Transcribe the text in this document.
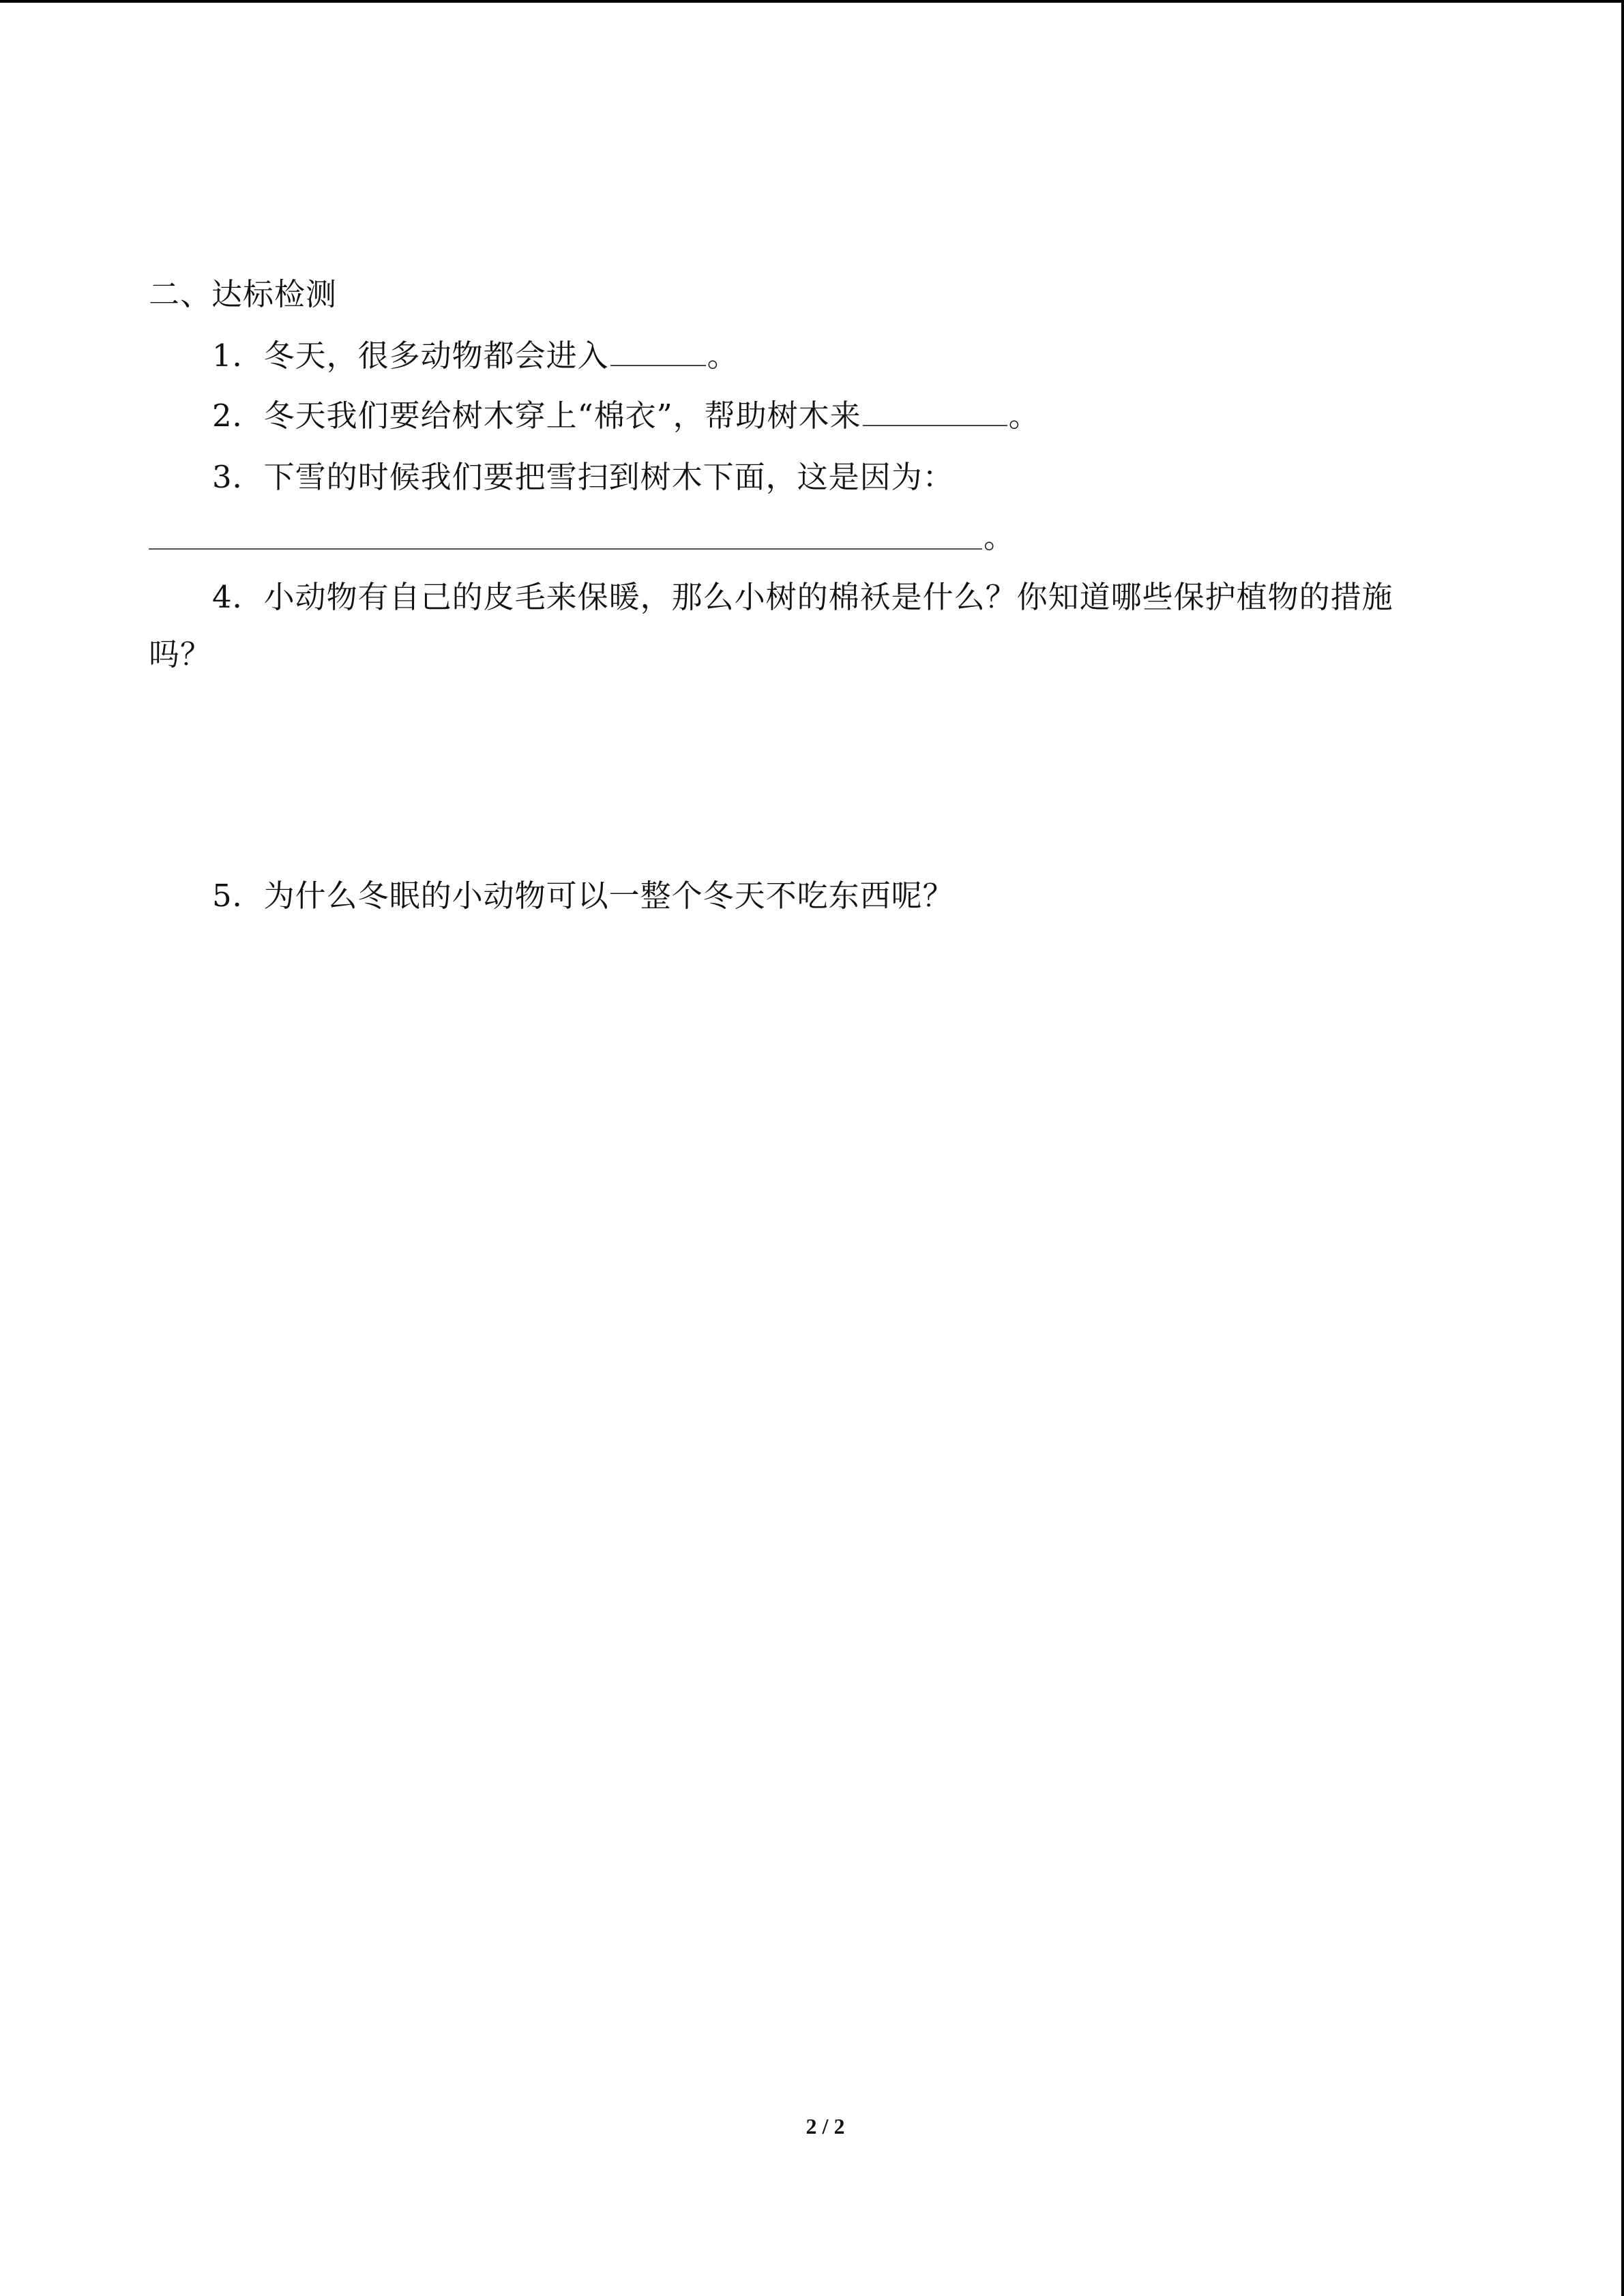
二、达标检测
1．冬天，很多动物都会进入	。
2．冬天我们要给树木穿上“棉衣”，帮助树木来	。
3．下雪的时候我们要把雪扫到树木下面，这是因为：
。
4．小动物有自己的皮毛来保暖，那么小树的棉袄是什么？你知道哪些保护植物的措施
吗？
5．为什么冬眠的小动物可以一整个冬天不吃东西呢？
2 / 2
